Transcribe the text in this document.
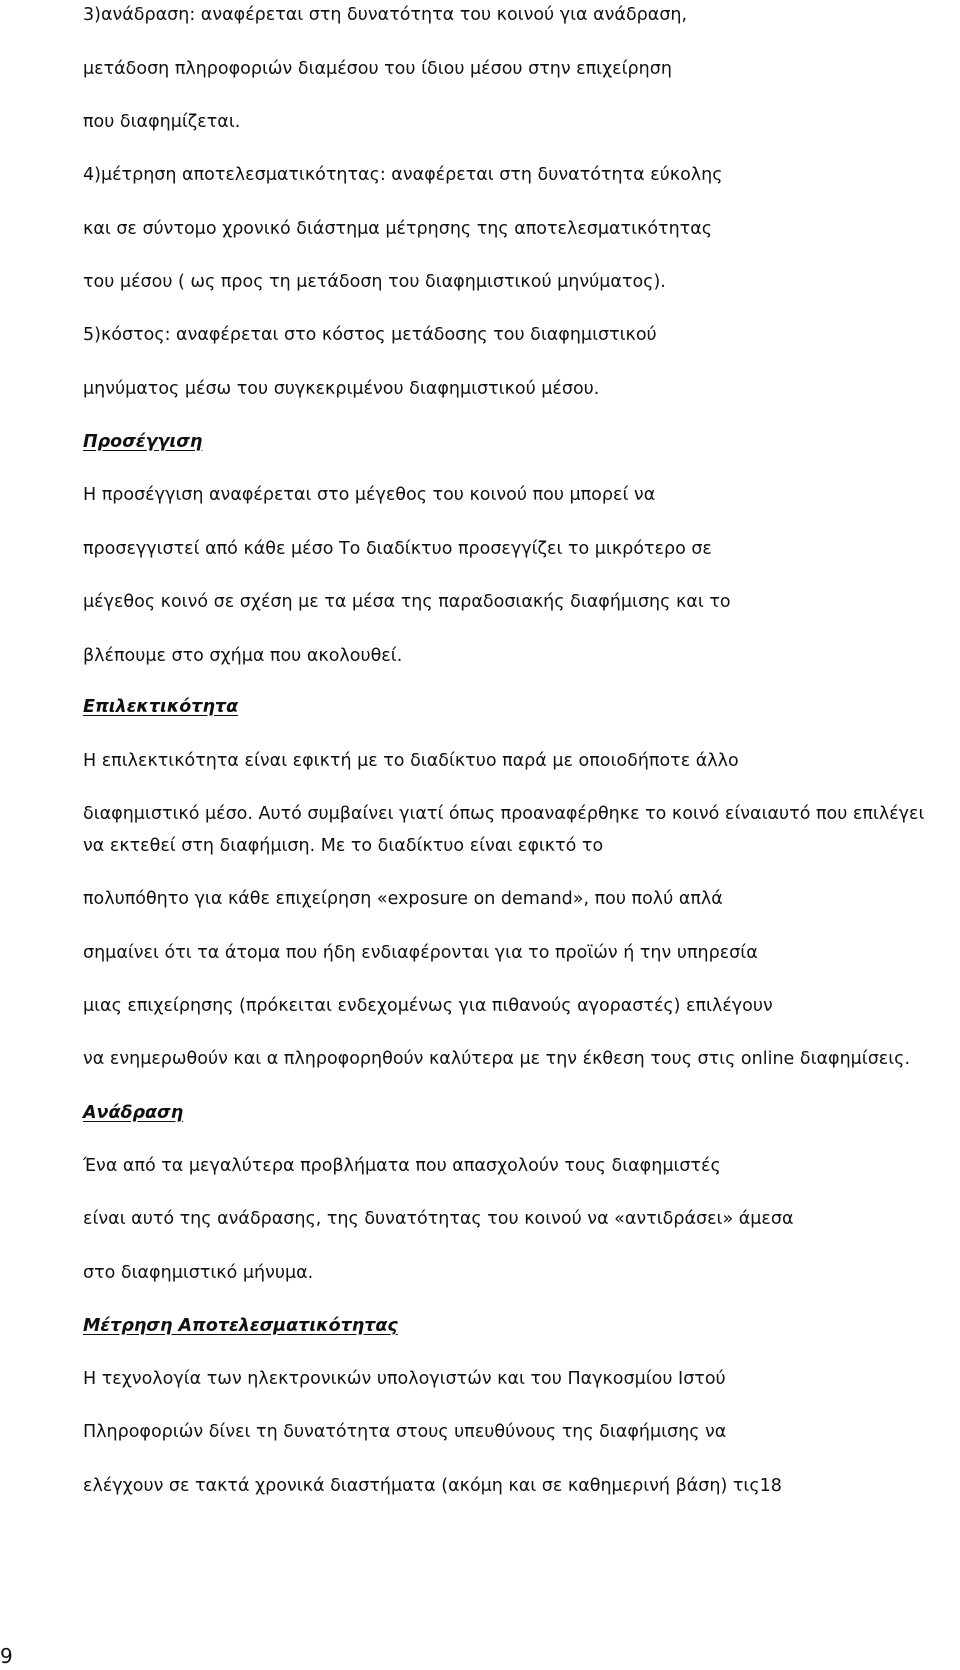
3)ανάδραση: αναφέρεται στη δυνατότητα του κοινού για ανάδραση,
μετάδοση πληροφοριών διαμέσου του ίδιου μέσου στην επιχείρηση
που διαφημίζεται.
4)μέτρηση αποτελεσματικότητας: αναφέρεται στη δυνατότητα εύκολης
και σε σύντομο χρονικό διάστημα μέτρησης της αποτελεσματικότητας
του μέσου ( ως προς τη μετάδοση του διαφημιστικού μηνύματος).
5)κόστος: αναφέρεται στο κόστος μετάδοσης του διαφημιστικού
μηνύματος μέσω του συγκεκριμένου διαφημιστικού μέσου.
Προσέγγιση
Η προσέγγιση αναφέρεται στο μέγεθος του κοινού που μπορεί να
προσεγγιστεί από κάθε μέσο Το διαδίκτυο προσεγγίζει το μικρότερο σε
μέγεθος κοινό σε σχέση με τα μέσα της παραδοσιακής διαφήμισης και το
βλέπουμε στο σχήμα που ακολουθεί.
Επιλεκτικότητα
Η επιλεκτικότητα είναι εφικτή με το διαδίκτυο παρά με οποιοδήποτε άλλο
διαφημιστικό μέσο. Αυτό συμβαίνει γιατί όπως προαναφέρθηκε το κοινό είναιαυτό που επιλέγει
να εκτεθεί στη διαφήμιση. Με το διαδίκτυο είναι εφικτό το
πολυπόθητο για κάθε επιχείρηση «exposure on demand», που πολύ απλά
σημαίνει ότι τα άτομα που ήδη ενδιαφέρονται για το προϊών ή την υπηρεσία
μιας επιχείρησης (πρόκειται ενδεχομένως για πιθανούς αγοραστές) επιλέγουν
να ενημερωθούν και α πληροφορηθούν καλύτερα με την έκθεση τους στις online διαφημίσεις.
Ανάδραση
Ένα από τα μεγαλύτερα προβλήματα που απασχολούν τους διαφημιστές
είναι αυτό της ανάδρασης, της δυνατότητας του κοινού να «αντιδράσει» άμεσα
στο διαφημιστικό μήνυμα.
Μέτρηση Αποτελεσματικότητας
Η τεχνολογία των ηλεκτρονικών υπολογιστών και του Παγκοσμίου Ιστού
Πληροφοριών δίνει τη δυνατότητα στους υπευθύνους της διαφήμισης να
ελέγχουν σε τακτά χρονικά διαστήματα (ακόμη και σε καθημερινή βάση) τις18
9
